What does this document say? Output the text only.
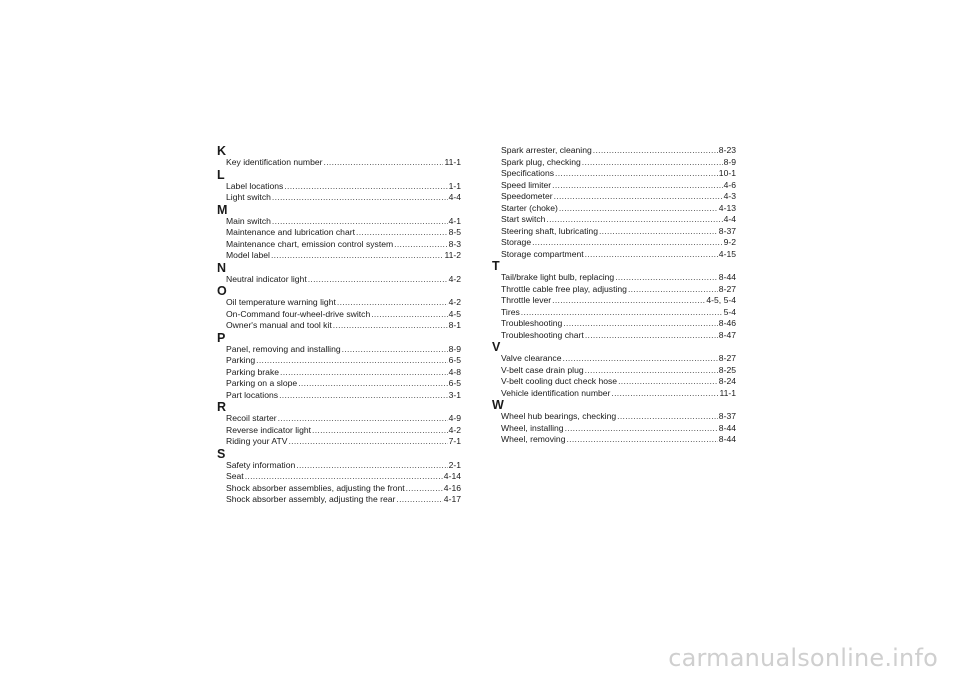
K
Key identification number .....	11-1
L
Label locations .....	1-1
Light switch .....	4-4
M
Main switch .....	4-1
Maintenance and lubrication chart .....	8-5
Maintenance chart, emission control system .....	8-3
Model label .....	11-2
N
Neutral indicator light .....	4-2
O
Oil temperature warning light .....	4-2
On-Command four-wheel-drive switch .....	4-5
Owner's manual and tool kit .....	8-1
P
Panel, removing and installing .....	8-9
Parking .....	6-5
Parking brake .....	4-8
Parking on a slope .....	6-5
Part locations .....	3-1
R
Recoil starter .....	4-9
Reverse indicator light .....	4-2
Riding your ATV .....	7-1
S
Safety information .....	2-1
Seat .....	4-14
Shock absorber assemblies, adjusting the front .....	4-16
Shock absorber assembly, adjusting the rear .....	4-17
Spark arrester, cleaning .....	8-23
Spark plug, checking .....	8-9
Specifications .....	10-1
Speed limiter .....	4-6
Speedometer .....	4-3
Starter (choke) .....	4-13
Start switch .....	4-4
Steering shaft, lubricating .....	8-37
Storage .....	9-2
Storage compartment .....	4-15
T
Tail/brake light bulb, replacing .....	8-44
Throttle cable free play, adjusting .....	8-27
Throttle lever .....	4-5, 5-4
Tires .....	5-4
Troubleshooting .....	8-46
Troubleshooting chart .....	8-47
V
Valve clearance .....	8-27
V-belt case drain plug .....	8-25
V-belt cooling duct check hose .....	8-24
Vehicle identification number .....	11-1
W
Wheel hub bearings, checking .....	8-37
Wheel, installing .....	8-44
Wheel, removing .....	8-44
carmanualsonline.info
